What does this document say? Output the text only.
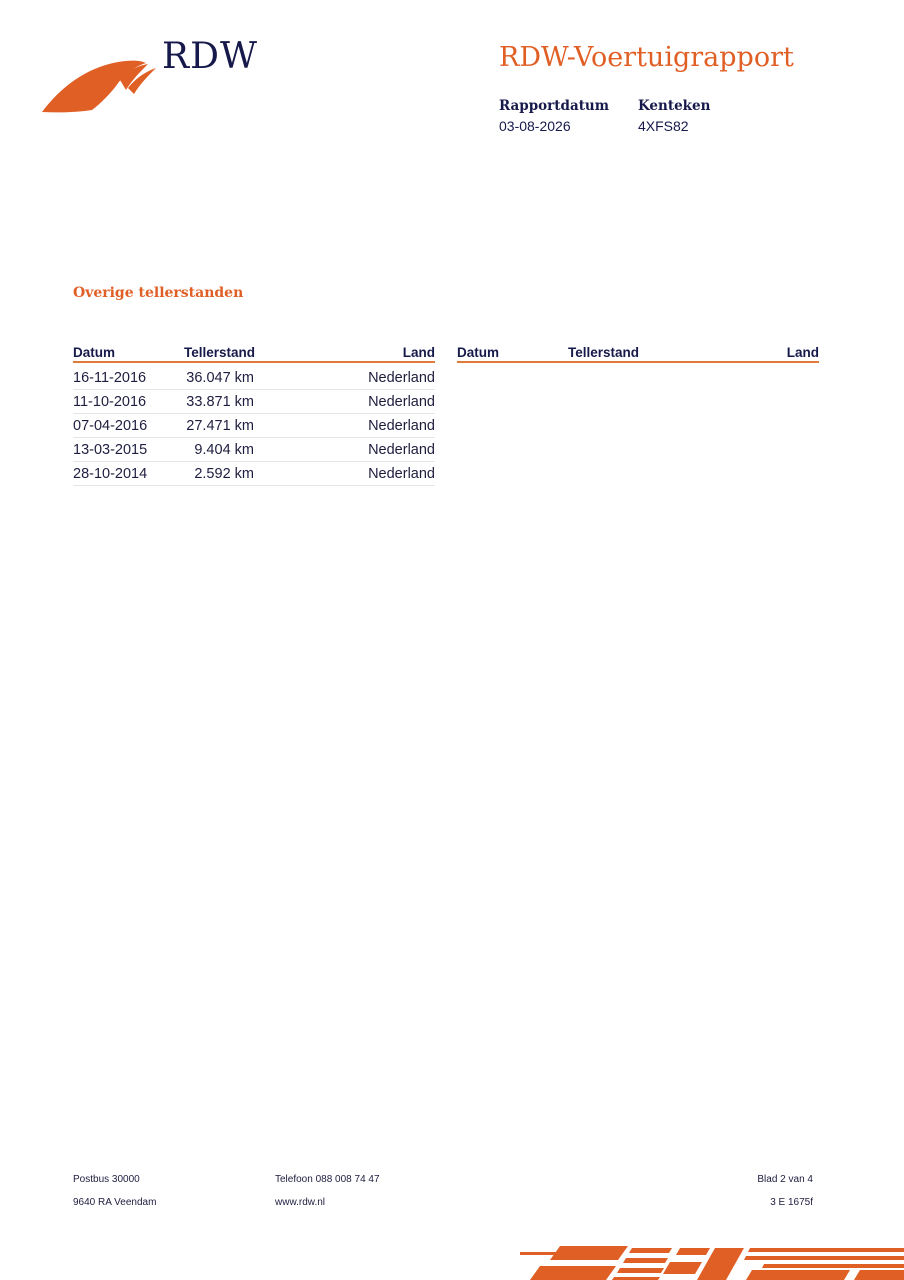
RDW	RDW-Voertuigrapport
Rapportdatum
03-08-2026
Kenteken
4XFS82
Overige tellerstanden
Datum	Tellerstand	Land
16-11-2016	36.047 km	Nederland
11-10-2016	33.871 km	Nederland
07-04-2016	27.471 km	Nederland
13-03-2015	9.404 km	Nederland
28-10-2014	2.592 km	Nederland
Datum	Tellerstand	Land
Postbus 30000
9640 RA Veendam
Telefoon 088 008 74 47
www.rdw.nl
Blad 2 van 4
3 E 1675f
